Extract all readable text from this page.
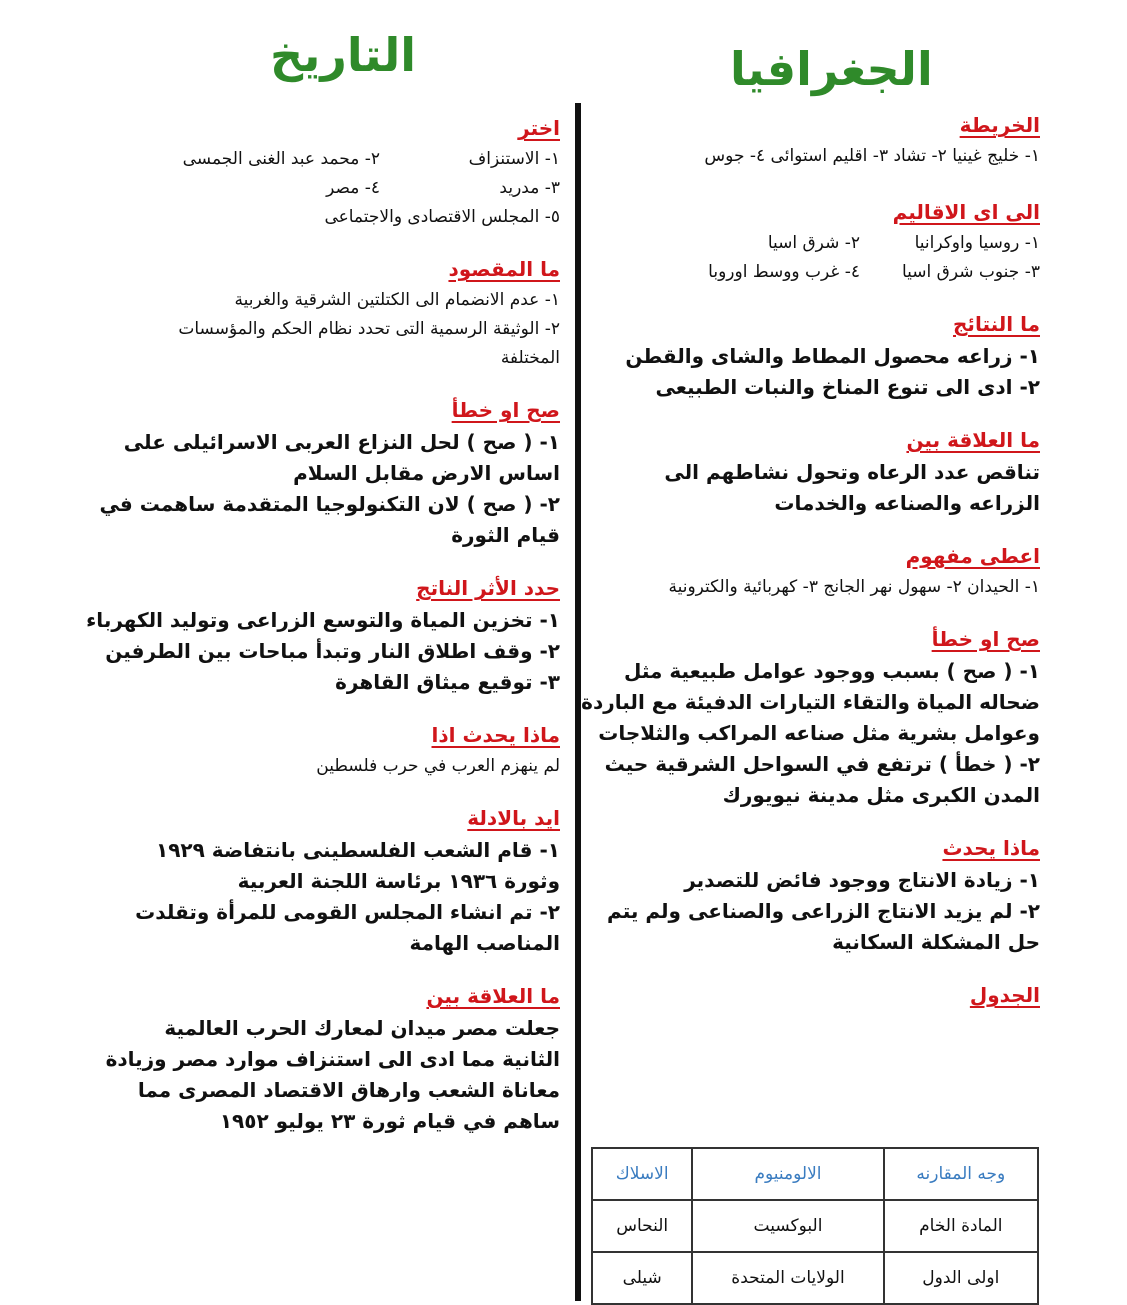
التاريخ	الجغرافيا
الخريطة
١- خليج غينيا ٢- تشاد ٣- اقليم استوائى ٤- جوس
الى اى الاقاليم
١- روسيا واوكرانيا
٢- شرق اسيا
٣- جنوب شرق اسيا
٤- غرب ووسط اوروبا
ما النتائج
١- زراعه محصول المطاط والشاى والقطن
٢- ادى الى تنوع المناخ والنبات الطبيعى
ما العلاقة بين
تناقص عدد الرعاه وتحول نشاطهم الى الزراعه والصناعه والخدمات
اعطى مفهوم
١- الحيدان ٢- سهول نهر الجانج ٣- كهربائية والكترونية
صح او خطأ
١- ( صح ) بسبب ووجود عوامل طبيعية مثل
ضحاله المياة والتقاء التيارات الدفيئة مع الباردة
وعوامل بشرية مثل صناعه المراكب والثلاجات
٢- ( خطأ ) ترتفع في السواحل الشرقية حيث
المدن الكبرى مثل مدينة نيويورك
ماذا يحدث
١- زيادة الانتاج ووجود فائض للتصدير
٢- لم يزيد الانتاج الزراعى والصناعى ولم يتم
حل المشكلة السكانية
الجدول
وجه المقارنه	الالومنيوم	الاسلاك
المادة الخام	البوكسيت	النحاس
اولى الدول	الولايات المتحدة	شيلى
اختر
١- الاستنزاف
٢- محمد عبد الغنى الجمسى
٣- مدريد
٤- مصر
٥- المجلس الاقتصادى والاجتماعى
ما المقصود
١- عدم الانضمام الى الكتلتين الشرقية والغربية
٢- الوثيقة الرسمية التى تحدد نظام الحكم والمؤسسات
المختلفة
صح او خطأ
١- ( صح ) لحل النزاع العربى الاسرائيلى على
اساس الارض مقابل السلام
٢- ( صح ) لان التكنولوجيا المتقدمة ساهمت في
قيام الثورة
حدد الأثر الناتج
١- تخزين المياة والتوسع الزراعى وتوليد الكهرباء
٢- وقف اطلاق النار وتبدأ مباحات بين الطرفين
٣- توقيع ميثاق القاهرة
ماذا يحدث اذا
لم ينهزم العرب في حرب فلسطين
ايد بالادلة
١- قام الشعب الفلسطينى بانتفاضة ١٩٢٩
وثورة ١٩٣٦ برئاسة اللجنة العربية
٢- تم انشاء المجلس القومى للمرأة وتقلدت
المناصب الهامة
ما العلاقة بين
جعلت مصر ميدان لمعارك الحرب العالمية
الثانية مما ادى الى استنزاف موارد مصر وزيادة
معاناة الشعب وارهاق الاقتصاد المصرى مما
ساهم في قيام ثورة ٢٣ يوليو ١٩٥٢
